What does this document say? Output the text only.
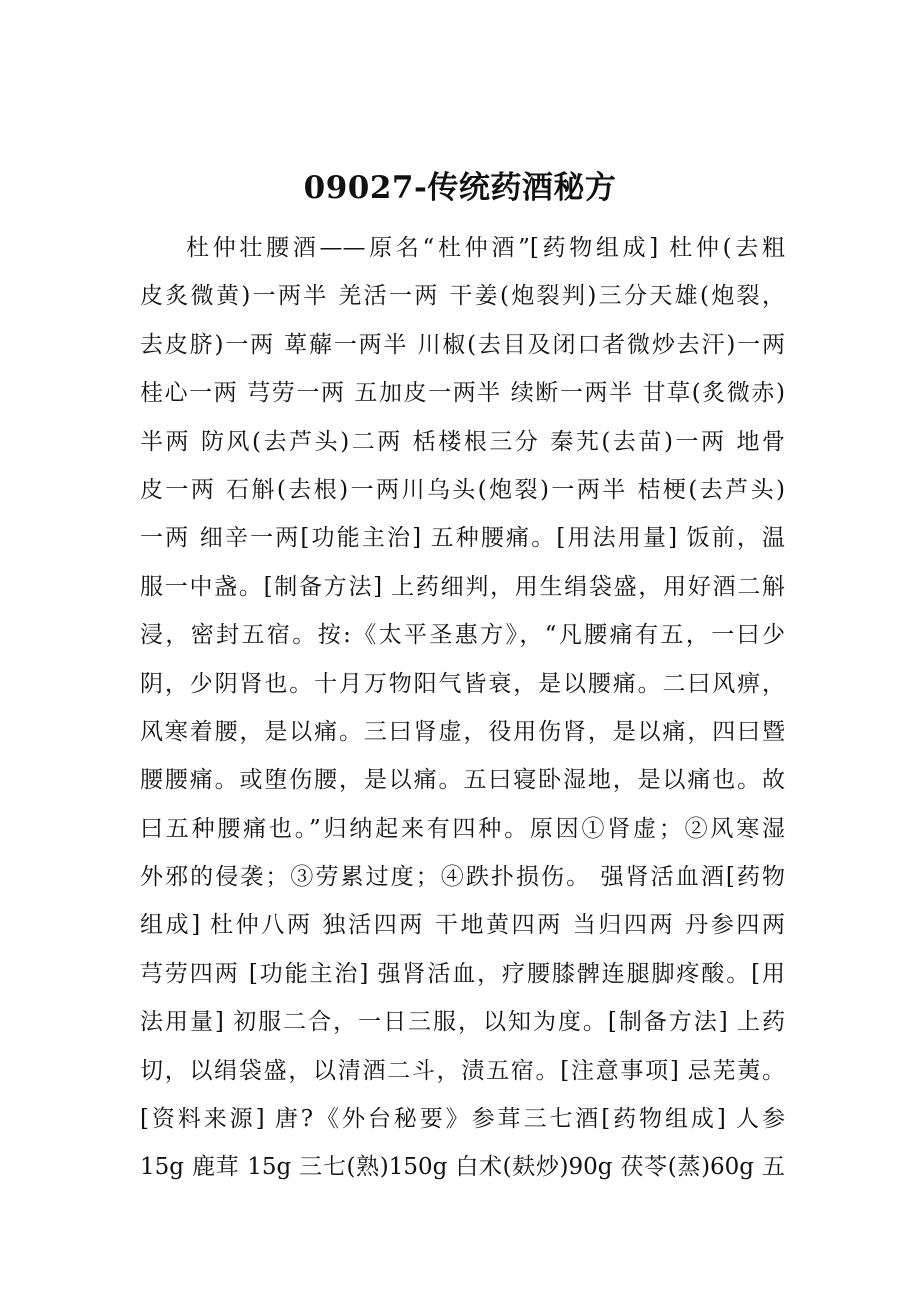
09027-传统药酒秘方
杜仲壮腰酒——原名“杜仲酒”[药物组成] 杜仲(去粗
皮炙微黄)一两半 羌活一两 干姜(炮裂判)三分天雄(炮裂，
去皮脐)一两 萆薢一两半 川椒(去目及闭口者微炒去汗)一两
桂心一两 芎劳一两 五加皮一两半 续断一两半 甘草(炙微赤)
半两 防风(去芦头)二两 栝楼根三分 秦艽(去苗)一两 地骨
皮一两 石斛(去根)一两川乌头(炮裂)一两半 桔梗(去芦头)
一两 细辛一两[功能主治] 五种腰痛。[用法用量] 饭前，温
服一中盏。[制备方法] 上药细判，用生绢袋盛，用好酒二斛
浸，密封五宿。按:《太平圣惠方》，“凡腰痛有五，一曰少
阴，少阴肾也。十月万物阳气皆衰，是以腰痛。二曰风痹，
风寒着腰，是以痛。三曰肾虚，役用伤肾，是以痛，四曰暨
腰腰痛。或堕伤腰，是以痛。五曰寝卧湿地，是以痛也。故
曰五种腰痛也。”归纳起来有四种。原因①肾虚；②风寒湿
外邪的侵袭；③劳累过度；④跌扑损伤。 强肾活血酒[药物
组成] 杜仲八两 独活四两 干地黄四两 当归四两 丹参四两
芎劳四两 [功能主治] 强肾活血，疗腰膝髀连腿脚疼酸。[用
法用量] 初服二合，一日三服，以知为度。[制备方法] 上药
切，以绢袋盛，以清酒二斗，渍五宿。[注意事项] 忌芜荑。
[资料来源] 唐?《外台秘要》参茸三七酒[药物组成] 人参
15g 鹿茸 15g 三七(熟)150g 白术(麸炒)90g 茯苓(蒸)60g 五
